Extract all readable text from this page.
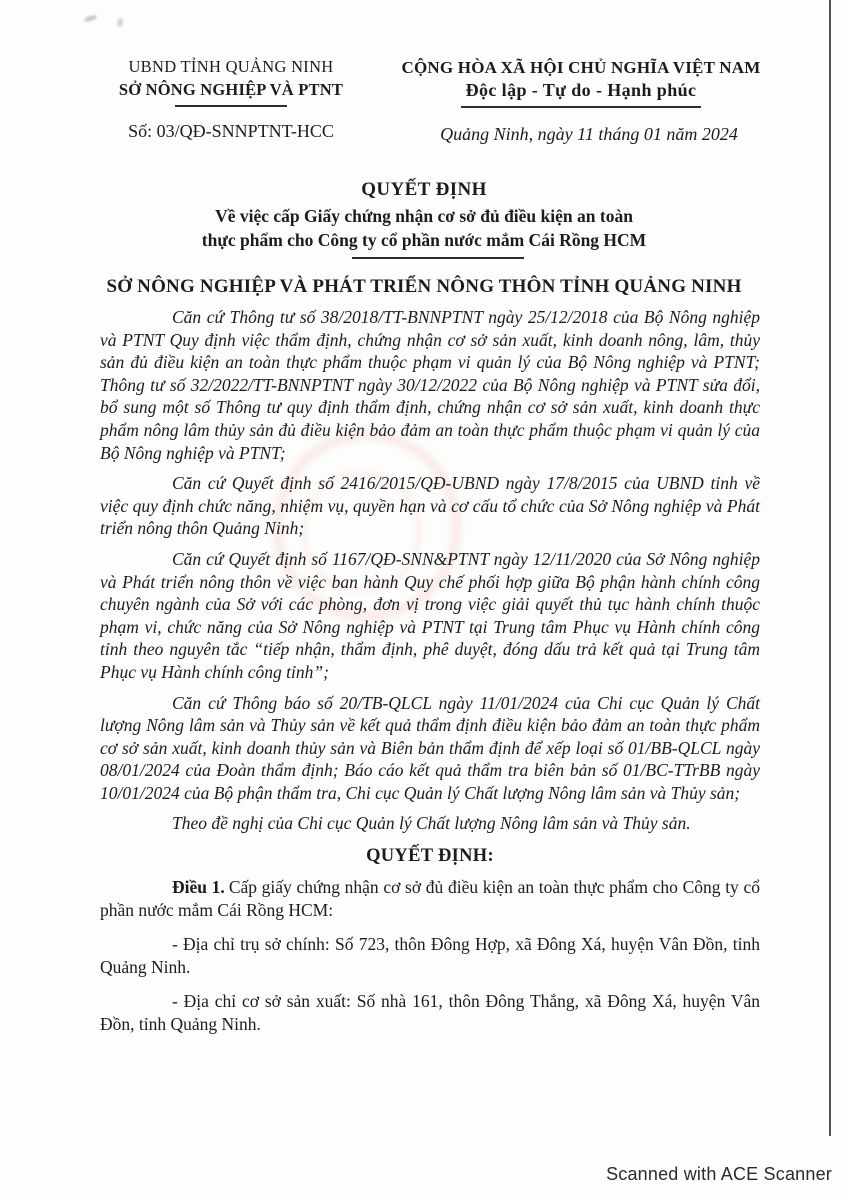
UBND TỈNH QUẢNG NINH
SỞ NÔNG NGHIỆP VÀ PTNT
Số: 03/QĐ-SNNPTNT-HCC
CỘNG HÒA XÃ HỘI CHỦ NGHĨA VIỆT NAM
Độc lập - Tự do - Hạnh phúc
Quảng Ninh, ngày 11 tháng 01 năm 2024
QUYẾT ĐỊNH
Về việc cấp Giấy chứng nhận cơ sở đủ điều kiện an toàn
thực phẩm cho Công ty cổ phần nước mắm Cái Rồng HCM
SỞ NÔNG NGHIỆP VÀ PHÁT TRIỂN NÔNG THÔN TỈNH QUẢNG NINH

Căn cứ Thông tư số 38/2018/TT-BNNPTNT ngày 25/12/2018 của Bộ Nông nghiệp và PTNT Quy định việc thẩm định, chứng nhận cơ sở sản xuất, kinh doanh nông, lâm, thủy sản đủ điều kiện an toàn thực phẩm thuộc phạm vi quản lý của Bộ Nông nghiệp và PTNT; Thông tư số 32/2022/TT-BNNPTNT ngày 30/12/2022 của Bộ Nông nghiệp và PTNT sửa đổi, bổ sung một số Thông tư quy định thẩm định, chứng nhận cơ sở sản xuất, kinh doanh thực phẩm nông lâm thủy sản đủ điều kiện bảo đảm an toàn thực phẩm thuộc phạm vi quản lý của Bộ Nông nghiệp và PTNT;

Căn cứ Quyết định số 2416/2015/QĐ-UBND ngày 17/8/2015 của UBND tỉnh về việc quy định chức năng, nhiệm vụ, quyền hạn và cơ cấu tổ chức của Sở Nông nghiệp và Phát triển nông thôn Quảng Ninh;

Căn cứ Quyết định số 1167/QĐ-SNN&PTNT ngày 12/11/2020 của Sở Nông nghiệp và Phát triển nông thôn về việc ban hành Quy chế phối hợp giữa Bộ phận hành chính công chuyên ngành của Sở với các phòng, đơn vị trong việc giải quyết thủ tục hành chính thuộc phạm vi, chức năng của Sở Nông nghiệp và PTNT tại Trung tâm Phục vụ Hành chính công tỉnh theo nguyên tắc “tiếp nhận, thẩm định, phê duyệt, đóng dấu trả kết quả tại Trung tâm Phục vụ Hành chính công tỉnh”;

Căn cứ Thông báo số 20/TB-QLCL ngày 11/01/2024 của Chi cục Quản lý Chất lượng Nông lâm sản và Thủy sản về kết quả thẩm định điều kiện bảo đảm an toàn thực phẩm cơ sở sản xuất, kinh doanh thủy sản và Biên bản thẩm định để xếp loại số 01/BB-QLCL ngày 08/01/2024 của Đoàn thẩm định; Báo cáo kết quả thẩm tra biên bản số 01/BC-TTrBB ngày 10/01/2024 của Bộ phận thẩm tra, Chi cục Quản lý Chất lượng Nông lâm sản và Thủy sản;

Theo đề nghị của Chi cục Quản lý Chất lượng Nông lâm sản và Thủy sản.

QUYẾT ĐỊNH:

Điều 1. Cấp giấy chứng nhận cơ sở đủ điều kiện an toàn thực phẩm cho Công ty cổ phần nước mắm Cái Rồng HCM:

- Địa chỉ trụ sở chính: Số 723, thôn Đông Hợp, xã Đông Xá, huyện Vân Đồn, tỉnh Quảng Ninh.

- Địa chỉ cơ sở sản xuất: Số nhà 161, thôn Đông Thắng, xã Đông Xá, huyện Vân Đồn, tỉnh Quảng Ninh.

Scanned with ACE Scanner
